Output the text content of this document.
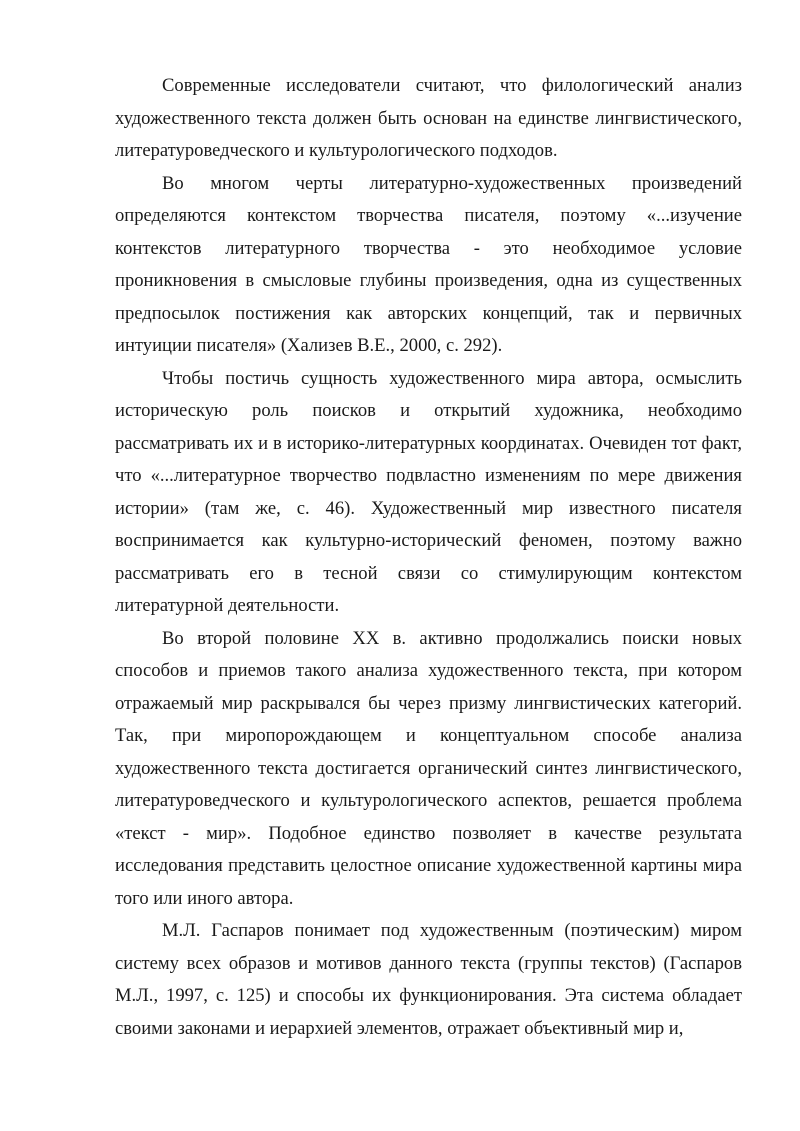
Современные исследователи считают, что филологический анализ художественного текста должен быть основан на единстве лингвистического, литературоведческого и культурологического подходов.

Во многом черты литературно-художественных произведений определяются контекстом творчества писателя, поэтому «...изучение контекстов литературного творчества - это необходимое условие проникновения в смысловые глубины произведения, одна из существенных предпосылок постижения как авторских концепций, так и первичных интуиции писателя» (Хализев В.Е., 2000, с. 292).

Чтобы постичь сущность художественного мира автора, осмыслить историческую роль поисков и открытий художника, необходимо рассматривать их и в историко-литературных координатах. Очевиден тот факт, что «...литературное творчество подвластно изменениям по мере движения истории» (там же, с. 46). Художественный мир известного писателя воспринимается как культурно-исторический феномен, поэтому важно рассматривать его в тесной связи со стимулирующим контекстом литературной деятельности.

Во второй половине XX в. активно продолжались поиски новых способов и приемов такого анализа художественного текста, при котором отражаемый мир раскрывался бы через призму лингвистических категорий. Так, при миропорождающем и концептуальном способе анализа художественного текста достигается органический синтез лингвистического, литературоведческого и культурологического аспектов, решается проблема «текст - мир». Подобное единство позволяет в качестве результата исследования представить целостное описание художественной картины мира того или иного автора.

М.Л. Гаспаров понимает под художественным (поэтическим) миром систему всех образов и мотивов данного текста (группы текстов) (Гаспаров М.Л., 1997, с. 125) и способы их функционирования. Эта система обладает своими законами и иерархией элементов, отражает объективный мир и,
